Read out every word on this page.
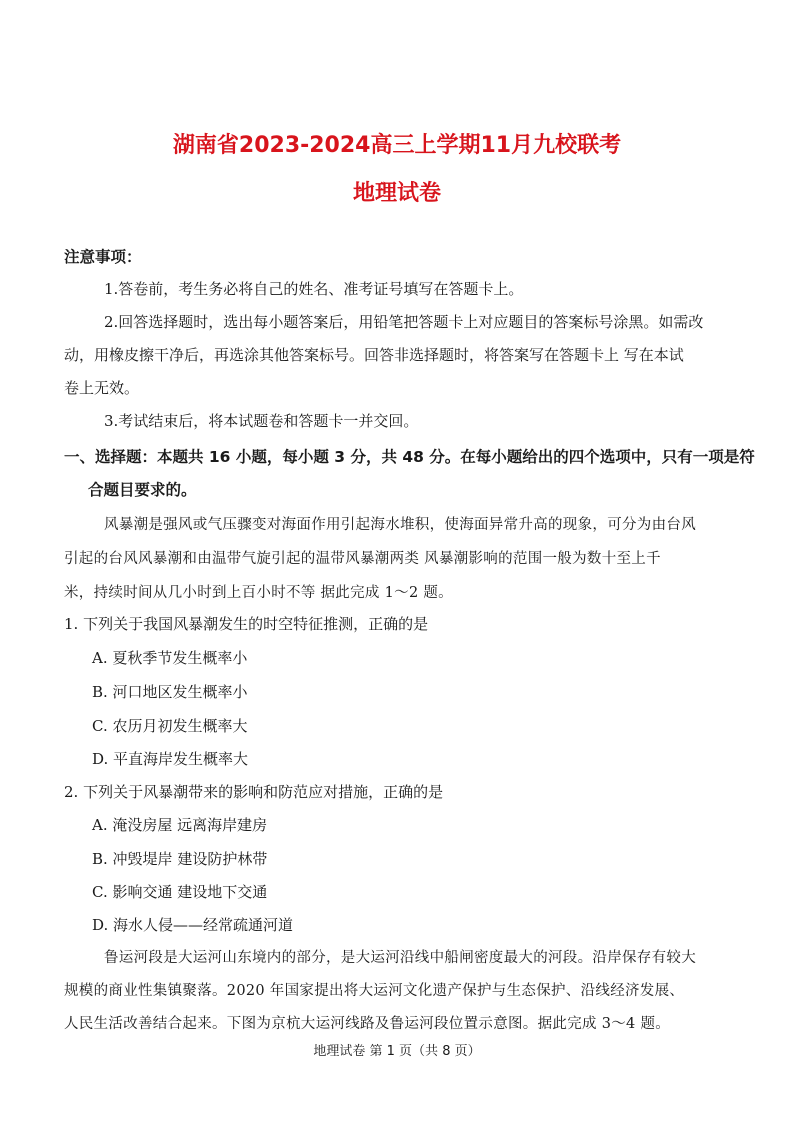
湖南省2023-2024高三上学期11月九校联考
地理试卷
注意事项：
1.答卷前，考生务必将自己的姓名、准考证号填写在答题卡上。
2.回答选择题时，选出每小题答案后，用铅笔把答题卡上对应题目的答案标号涂黑。如需改
动，用橡皮擦干净后，再选涂其他答案标号。回答非选择题时，将答案写在答题卡上 写在本试
卷上无效。
3.考试结束后，将本试题卷和答题卡一并交回。
一、选择题：本题共 16 小题，每小题 3 分，共 48 分。在每小题给出的四个选项中，只有一项是符
合题目要求的。
风暴潮是强风或气压骤变对海面作用引起海水堆积，使海面异常升高的现象，可分为由台风
引起的台风风暴潮和由温带气旋引起的温带风暴潮两类 风暴潮影响的范围一般为数十至上千
米，持续时间从几小时到上百小时不等 据此完成 1～2 题。
1. 下列关于我国风暴潮发生的时空特征推测，正确的是
A. 夏秋季节发生概率小
B. 河口地区发生概率小
C. 农历月初发生概率大
D. 平直海岸发生概率大
2. 下列关于风暴潮带来的影响和防范应对措施，正确的是
A. 淹没房屋 远离海岸建房
B. 冲毁堤岸 建设防护林带
C. 影响交通 建设地下交通
D. 海水人侵——经常疏通河道
鲁运河段是大运河山东境内的部分，是大运河沿线中船闸密度最大的河段。沿岸保存有较大
规模的商业性集镇聚落。2020 年国家提出将大运河文化遗产保护与生态保护、沿线经济发展、
人民生活改善结合起来。下图为京杭大运河线路及鲁运河段位置示意图。据此完成 3～4 题。
地理试卷 第 1 页（共 8 页）
